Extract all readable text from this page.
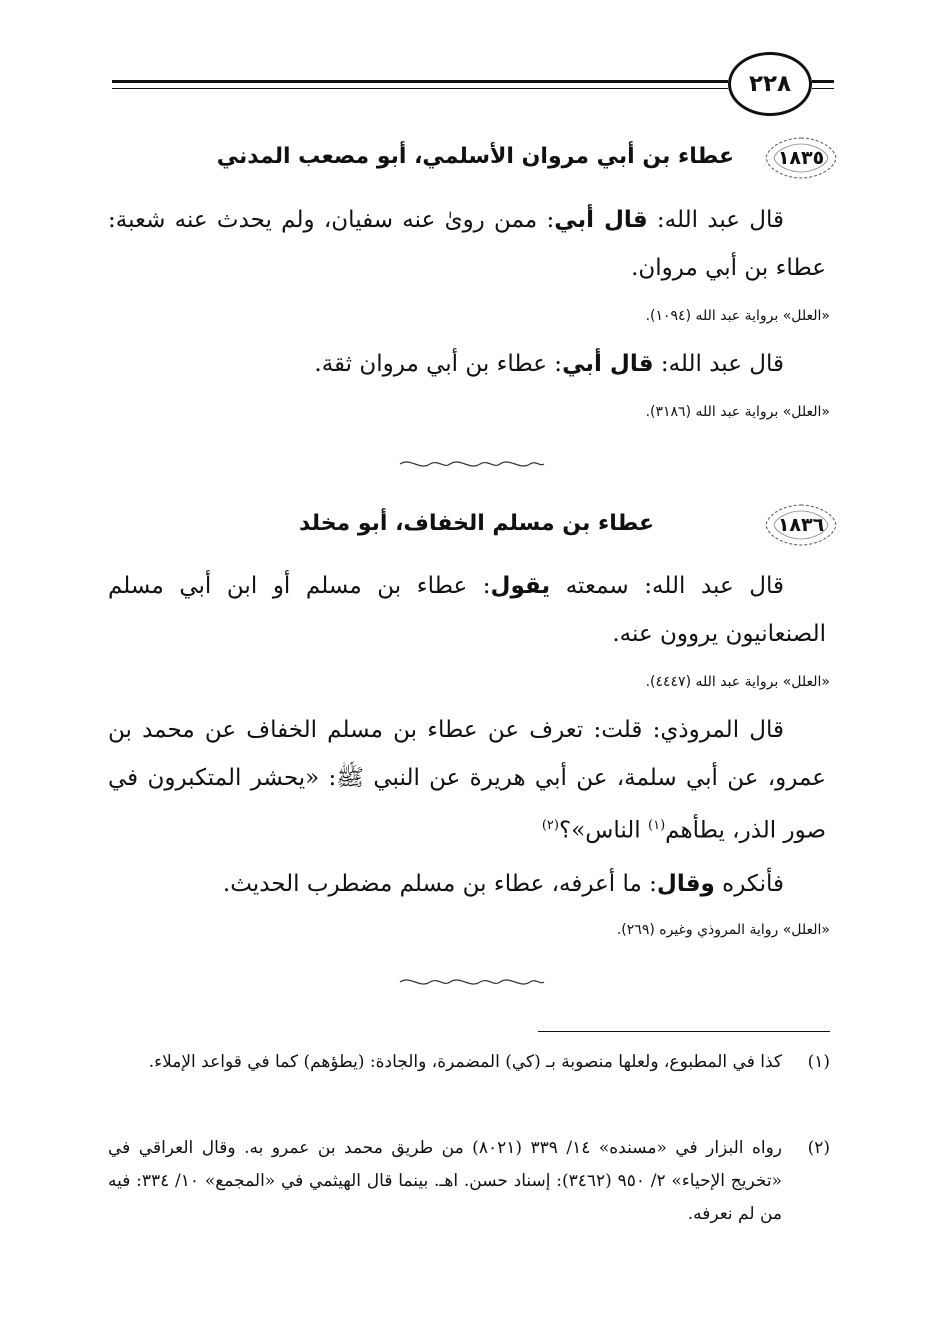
٢٢٨
١٨٣٥
عطاء بن أبي مروان الأسلمي، أبو مصعب المدني
قال عبد الله: قال أبي: ممن روىٰ عنه سفيان، ولم يحدث عنه شعبة: عطاء بن أبي مروان.
«العلل» برواية عبد الله (١٠٩٤).
قال عبد الله: قال أبي: عطاء بن أبي مروان ثقة.
«العلل» برواية عبد الله (٣١٨٦).
١٨٣٦
عطاء بن مسلم الخفاف، أبو مخلد
قال عبد الله: سمعته يقول: عطاء بن مسلم أو ابن أبي مسلم الصنعانيون يروون عنه.
«العلل» برواية عبد الله (٤٤٤٧).
قال المروذي: قلت: تعرف عن عطاء بن مسلم الخفاف عن محمد بن عمرو، عن أبي سلمة، عن أبي هريرة عن النبي ﷺ: «يحشر المتكبرون في صور الذر، يطأهم$^{(١)}$ الناس»؟$^{(٢)}$
فأنكره وقال: ما أعرفه، عطاء بن مسلم مضطرب الحديث.
«العلل» رواية المروذي وغيره (٢٦٩).
(١)
كذا في المطبوع، ولعلها منصوبة بـ (كي) المضمرة، والجادة: (يطؤهم) كما في قواعد الإملاء.
(٢)
رواه البزار في «مسنده» ١٤/ ٣٣٩ (٨٠٢١) من طريق محمد بن عمرو به. وقال العراقي في «تخريج الإحياء» ٢/ ٩٥٠ (٣٤٦٢): إسناد حسن. اهـ. بينما قال الهيثمي في «المجمع» ١٠/ ٣٣٤: فيه من لم نعرفه.
